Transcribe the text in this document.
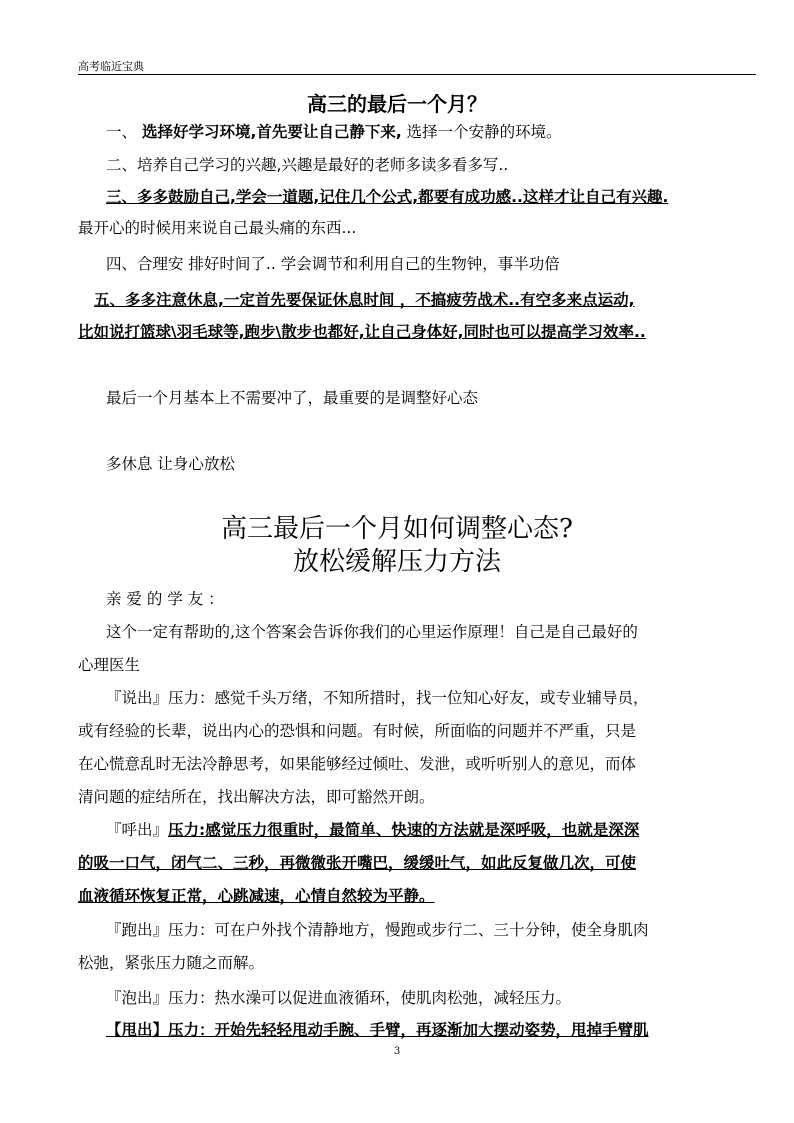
高考临近宝典
高三的最后一个月？
一、 选择好学习环境,首先要让自己静下来, 选择一个安静的环境。
二、培养自己学习的兴趣,兴趣是最好的老师多读多看多写..
三、多多鼓励自己,学会一道题,记住几个公式,都要有成功感..这样才让自己有兴趣.
最开心的时候用来说自己最头痛的东西...
四、合理安 排好时间了.. 学会调节和利用自己的生物钟，事半功倍
五、多多注意休息,一定首先要保证休息时间 ，不搞疲劳战术..有空多来点运动,
比如说打篮球\羽毛球等,跑步\散步也都好,让自己身体好,同时也可以提高学习效率..
最后一个月基本上不需要冲了，最重要的是调整好心态
多休息 让身心放松
高三最后一个月如何调整心态?
放松缓解压力方法
亲 爱 的 学 友 ：
这个一定有帮助的,这个答案会告诉你我们的心里运作原理！自己是自己最好的
心理医生
『说出』压力：感觉千头万绪，不知所措时，找一位知心好友，或专业辅导员，
或有经验的长辈，说出内心的恐惧和问题。有时候，所面临的问题并不严重，只是
在心慌意乱时无法冷静思考，如果能够经过倾吐、发泄，或听听别人的意见，而体
清问题的症结所在，找出解决方法，即可豁然开朗。
『呼出』压力:感觉压力很重时，最简单、快速的方法就是深呼吸，也就是深深
的吸一口气，闭气二、三秒，再微微张开嘴巴，缓缓吐气，如此反复做几次，可使
血液循环恢复正常，心跳减速，心情自然较为平静。
『跑出』压力：可在户外找个清静地方，慢跑或步行二、三十分钟，使全身肌肉
松弛，紧张压力随之而解。
『泡出』压力：热水澡可以促进血液循环，使肌肉松弛，减轻压力。
【甩出】压力：开始先轻轻甩动手腕、手臂，再逐渐加大摆动姿势，甩掉手臂肌
3
